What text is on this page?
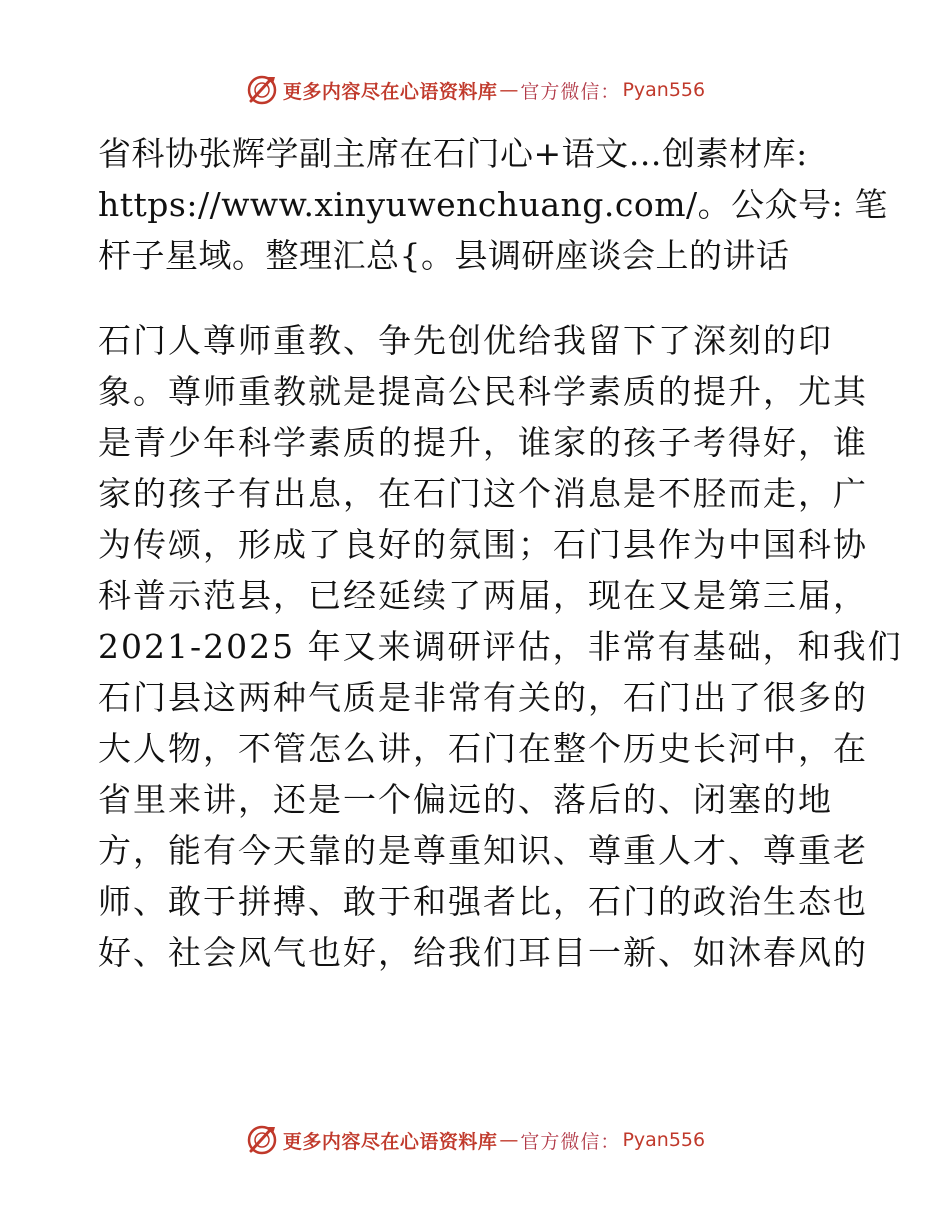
更多内容尽在心语资料库 — 官方微信： Pyan556
省科协张辉学副主席在石门心+语文…创素材库:
https://www.xinyuwenchuang.com/。公众号: 笔
杆子星域。整理汇总{。县调研座谈会上的讲话
石门人尊师重教、争先创优给我留下了深刻的印
象。尊师重教就是提高公民科学素质的提升，尤其
是青少年科学素质的提升，谁家的孩子考得好，谁
家的孩子有出息，在石门这个消息是不胫而走，广
为传颂，形成了良好的氛围；石门县作为中国科协
科普示范县，已经延续了两届，现在又是第三届，
2021-2025 年又来调研评估，非常有基础，和我们
石门县这两种气质是非常有关的，石门出了很多的
大人物，不管怎么讲，石门在整个历史长河中，在
省里来讲，还是一个偏远的、落后的、闭塞的地
方，能有今天靠的是尊重知识、尊重人才、尊重老
师、敢于拼搏、敢于和强者比，石门的政治生态也
好、社会风气也好，给我们耳目一新、如沐春风的
更多内容尽在心语资料库 — 官方微信： Pyan556
